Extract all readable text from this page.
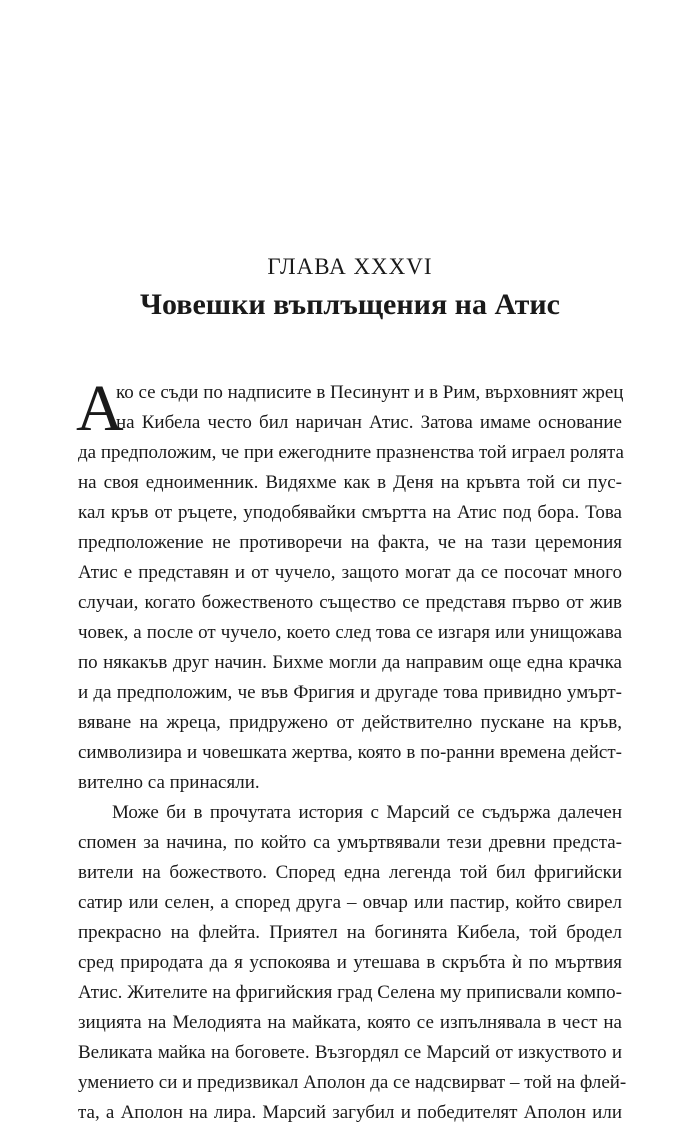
ГЛАВА XXXVI
Човешки въплъщения на Атис
А
ко се съди по надписите в Песинунт и в Рим, върховният жрец
на Кибела често бил наричан Атис. Затова имаме основание
да предположим, че при ежегодните празненства той играел ролята
на своя едноименник. Видяхме как в Деня на кръвта той си пус-
кал кръв от ръцете, уподобявайки смъртта на Атис под бора. Това
предположение не противоречи на факта, че на тази церемония
Атис е представян и от чучело, защото могат да се посочат много
случаи, когато божественото същество се представя първо от жив
човек, а после от чучело, което след това се изгаря или унищожава
по някакъв друг начин. Бихме могли да направим още една крачка
и да предположим, че във Фригия и другаде това привидно умърт-
вяване на жреца, придружено от действително пускане на кръв,
символизира и човешката жертва, която в по-ранни времена дейст-
вително са принасяли.
Може би в прочутата история с Марсий се съдържа далечен
спомен за начина, по който са умъртвявали тези древни предста-
вители на божеството. Според една легенда той бил фригийски
сатир или селен, а според друга – овчар или пастир, който свирел
прекрасно на флейта. Приятел на богинята Кибела, той бродел
сред природата да я успокоява и утешава в скръбта ѝ по мъртвия
Атис. Жителите на фригийския град Селена му приписвали компо-
зицията на Мелодията на майката, която се изпълнявала в чест на
Великата майка на боговете. Възгордял се Марсий от изкуството и
умението си и предизвикал Аполон да се надсвирват – той на флей-
та, а Аполон на лира. Марсий загубил и победителят Аполон или
